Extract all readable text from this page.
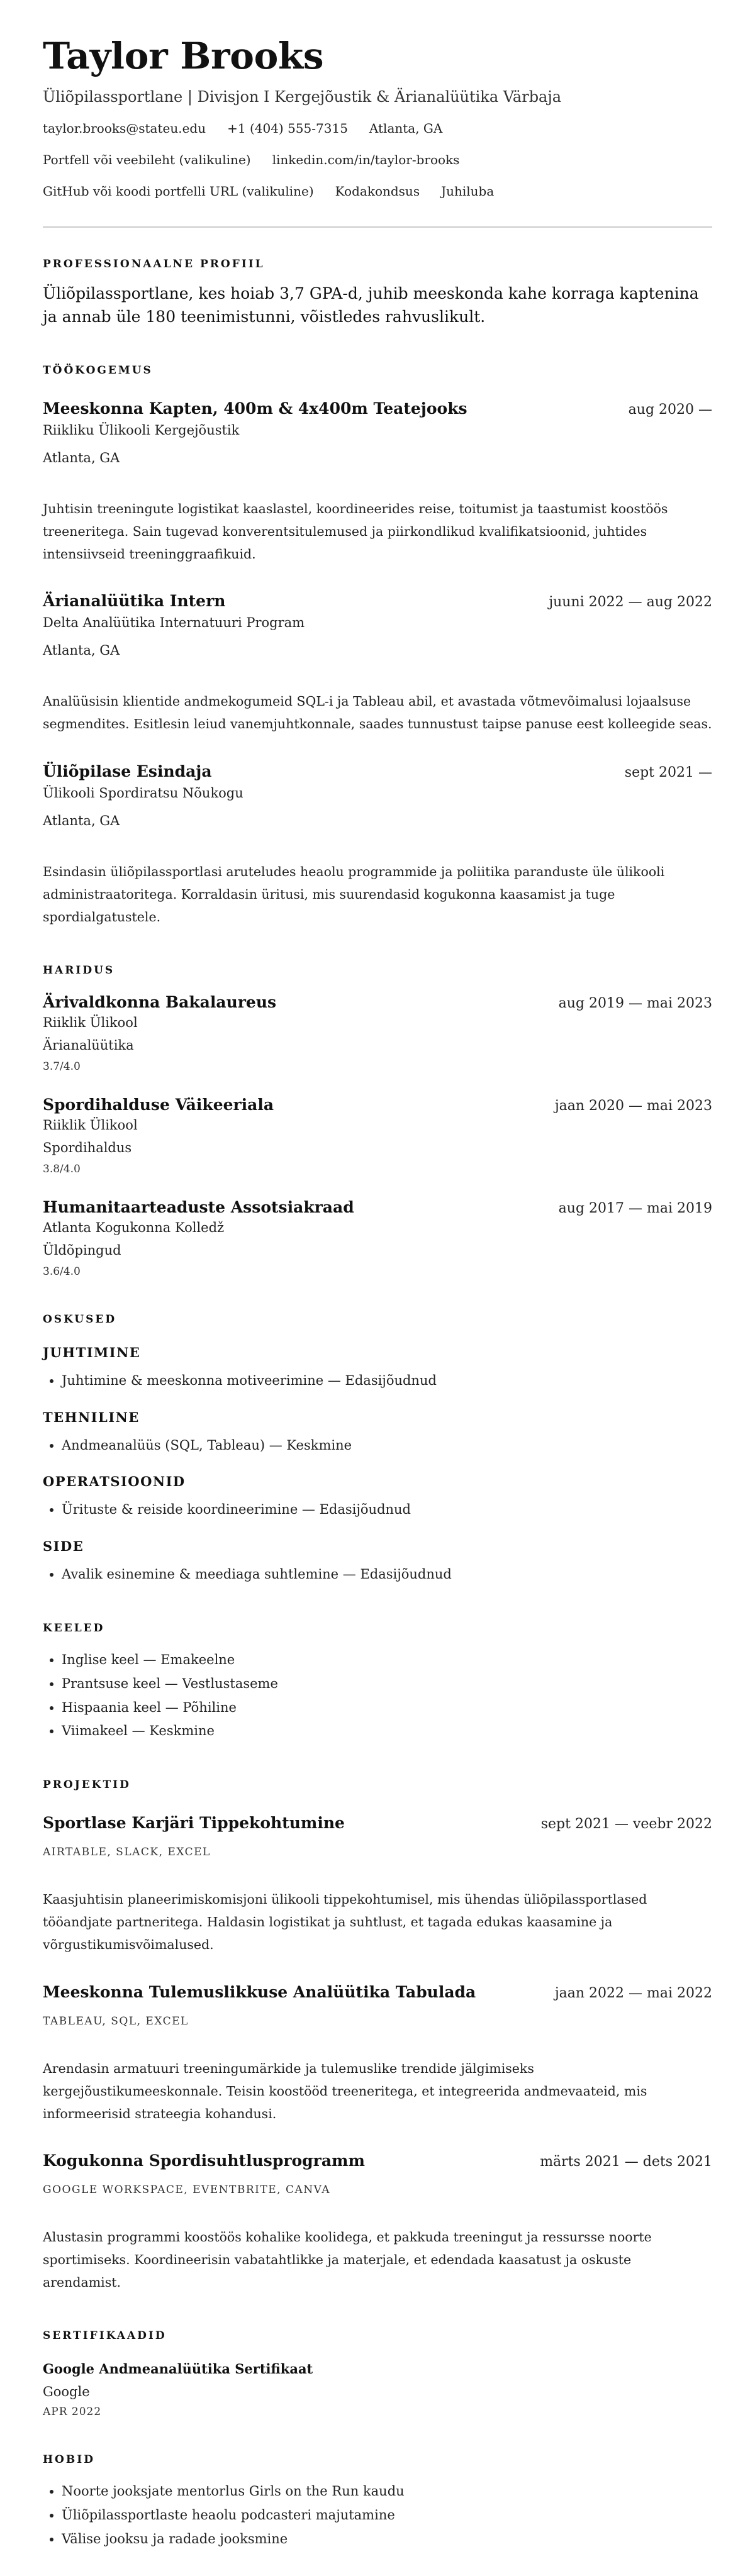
Taylor Brooks
Üliõpilassportlane | Divisjon I Kergejõustik & Ärianalüütika Värbaja
taylor.brooks@stateu.edu +1 (404) 555-7315 Atlanta, GA
Portfell või veebileht (valikuline) linkedin.com/in/taylor-brooks
GitHub või koodi portfelli URL (valikuline) Kodakondsus Juhiluba
PROFESSIONAALNE PROFIIL
Üliõpilassportlane, kes hoiab 3,7 GPA-d, juhib meeskonda kahe korraga kaptenina ja annab üle 180 teenimistunni, võistledes rahvuslikult.
TÖÖKOGEMUS
Meeskonna Kapten, 400m & 4x400m Teatejooks	aug 2020 —
Riikliku Ülikooli Kergejõustik
Atlanta, GA
Juhtisin treeningute logistikat kaaslastel, koordineerides reise, toitumist ja taastumist koostöös treeneritega. Sain tugevad konverentsitulemused ja piirkondlikud kvalifikatsioonid, juhtides intensiivseid treeninggraafikuid.
Ärianalüütika Intern	juuni 2022 — aug 2022
Delta Analüütika Internatuuri Program
Atlanta, GA
Analüüsisin klientide andmekogumeid SQL-i ja Tableau abil, et avastada võtmevõimalusi lojaalsuse segmendites. Esitlesin leiud vanemjuhtkonnale, saades tunnustust taipse panuse eest kolleegide seas.
Üliõpilase Esindaja	sept 2021 —
Ülikooli Spordiratsu Nõukogu
Atlanta, GA
Esindasin üliõpilassportlasi aruteludes heaolu programmide ja poliitika paranduste üle ülikooli administraatoritega. Korraldasin üritusi, mis suurendasid kogukonna kaasamist ja tuge spordialgatustele.
HARIDUS
Ärivaldkonna Bakalaureus	aug 2019 — mai 2023
Riiklik Ülikool
Ärianalüütika
3.7/4.0
Spordihalduse Väikeeriala	jaan 2020 — mai 2023
Riiklik Ülikool
Spordihaldus
3.8/4.0
Humanitaarteaduste Assotsiakraad	aug 2017 — mai 2019
Atlanta Kogukonna Kolledž
Üldõpingud
3.6/4.0
OSKUSED
JUHTIMINE
• Juhtimine & meeskonna motiveerimine — Edasijõudnud
TEHNILINE
• Andmeanalüüs (SQL, Tableau) — Keskmine
OPERATSIOONID
• Ürituste & reiside koordineerimine — Edasijõudnud
SIDE
• Avalik esinemine & meediaga suhtlemine — Edasijõudnud
KEELED
• Inglise keel — Emakeelne
• Prantsuse keel — Vestlustaseme
• Hispaania keel — Põhiline
• Viimakeel — Keskmine
PROJEKTID
Sportlase Karjäri Tippekohtumine	sept 2021 — veebr 2022
AIRTABLE, SLACK, EXCEL
Kaasjuhtisin planeerimiskomisjoni ülikooli tippekohtumisel, mis ühendas üliõpilassportlased tööandjate partneritega. Haldasin logistikat ja suhtlust, et tagada edukas kaasamine ja võrgustikumisvõimalused.
Meeskonna Tulemuslikkuse Analüütika Tabulada	jaan 2022 — mai 2022
TABLEAU, SQL, EXCEL
Arendasin armatuuri treeningumärkide ja tulemuslike trendide jälgimiseks kergejõustikumeeskonnale. Teisin koostööd treeneritega, et integreerida andmevaateid, mis informeerisid strateegia kohandusi.
Kogukonna Spordisuhtlusprogramm	märts 2021 — dets 2021
GOOGLE WORKSPACE, EVENTBRITE, CANVA
Alustasin programmi koostöös kohalike koolidega, et pakkuda treeningut ja ressursse noorte sportimiseks. Koordineerisin vabatahtlikke ja materjale, et edendada kaasatust ja oskuste arendamist.
SERTIFIKAADID
Google Andmeanalüütika Sertifikaat
Google
APR 2022
HOBID
• Noorte jooksjate mentorlus Girls on the Run kaudu
• Üliõpilassportlaste heaolu podcasteri majutamine
• Välise jooksu ja radade jooksmine
